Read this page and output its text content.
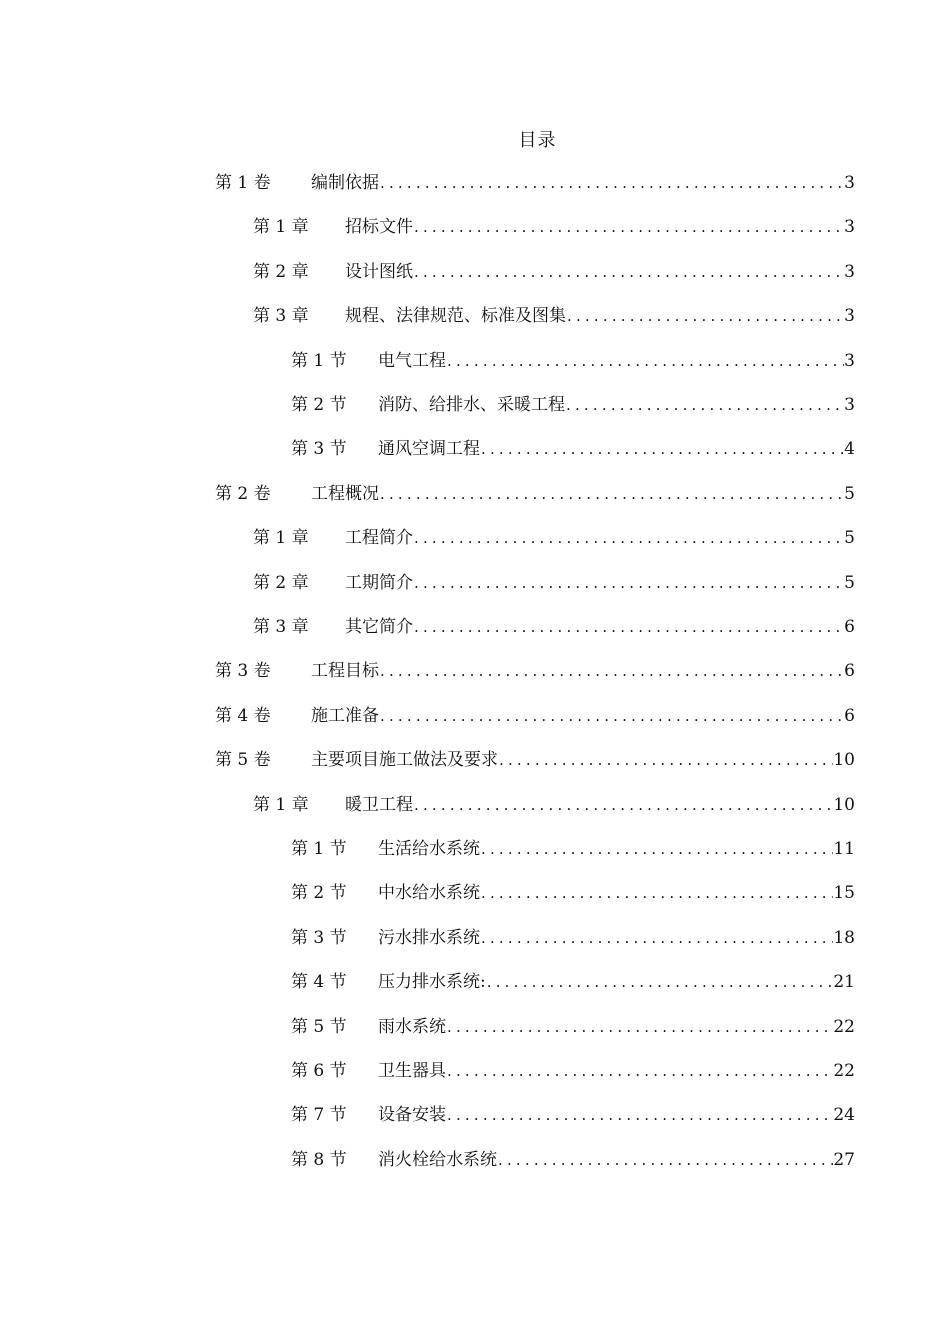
目录
第 1 卷	编制依据 .....	3
第 1 章	招标文件 .....	3
第 2 章	设计图纸 .....	3
第 3 章	规程、法律规范、标准及图集 .....	3
第 1 节	电气工程 .....	3
第 2 节	消防、给排水、采暖工程 .....	3
第 3 节	通风空调工程 .....	4
第 2 卷	工程概况 .....	5
第 1 章	工程简介 .....	5
第 2 章	工期简介 .....	5
第 3 章	其它简介 .....	6
第 3 卷	工程目标 .....	6
第 4 卷	施工准备 .....	6
第 5 卷	主要项目施工做法及要求 .....	10
第 1 章	暖卫工程 .....	10
第 1 节	生活给水系统 .....	11
第 2 节	中水给水系统 .....	15
第 3 节	污水排水系统 .....	18
第 4 节	压力排水系统: .....	21
第 5 节	雨水系统 .....	22
第 6 节	卫生器具 .....	22
第 7 节	设备安装 .....	24
第 8 节	消火栓给水系统 .....	27
